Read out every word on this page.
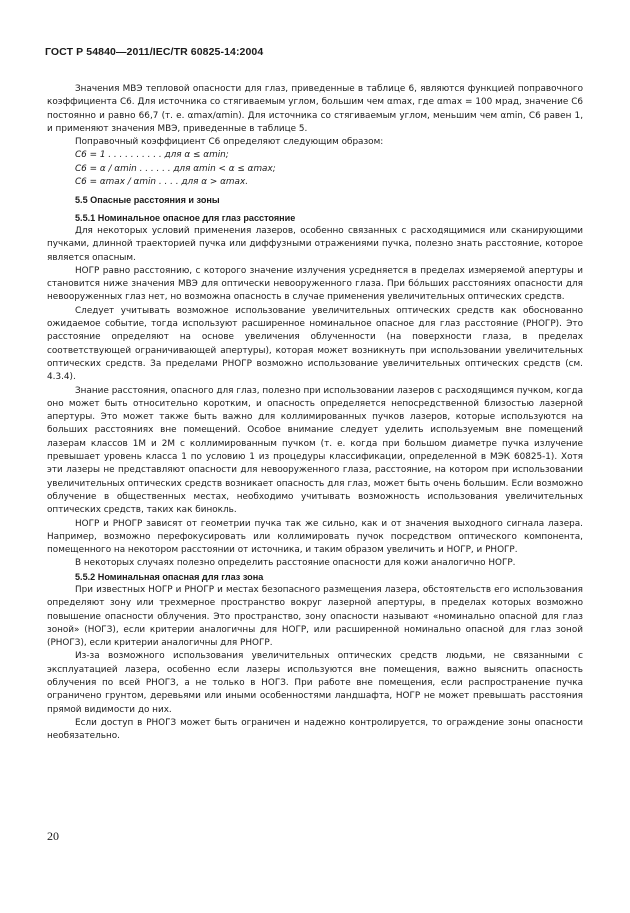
ГОСТ Р 54840—2011/IEC/TR 60825-14:2004

Значения МВЭ тепловой опасности для глаз, приведенные в таблице 6, являются функцией поправочного коэффициента C6. Для источника со стягиваемым углом, большим чем αmax, где αmax = 100 мрад, значение C6 постоянно и равно 66,7 (т. е. αmax/αmin). Для источника со стягиваемым углом, меньшим чем αmin, C6 равен 1, и применяют значения МВЭ, приведенные в таблице 5.

Поправочный коэффициент C6 определяют следующим образом:

C6 = 1 . . . . . . . . . . для α ≤ αmin;

C6 = α / αmin . . . . . . для αmin < α ≤ αmax;

C6 = αmax / αmin . . . . для α > αmax.

5.5 Опасные расстояния и зоны

5.5.1 Номинальное опасное для глаз расстояние

Для некоторых условий применения лазеров, особенно связанных с расходящимися или сканирующими пучками, длинной траекторией пучка или диффузными отражениями пучка, полезно знать расстояние, которое является опасным.

НОГР равно расстоянию, с которого значение излучения усредняется в пределах измеряемой апертуры и становится ниже значения МВЭ для оптически невооруженного глаза. При бóльших расстояниях опасности для невооруженных глаз нет, но возможна опасность в случае применения увеличительных оптических средств.

Следует учитывать возможное использование увеличительных оптических средств как обоснованно ожидаемое событие, тогда используют расширенное номинальное опасное для глаз расстояние (РНОГР). Это расстояние определяют на основе увеличения облученности (на поверхности глаза, в пределах соответствующей ограничивающей апертуры), которая может возникнуть при использовании увеличительных оптических средств. За пределами РНОГР возможно использование увеличительных оптических средств (см. 4.3.4).

Знание расстояния, опасного для глаз, полезно при использовании лазеров с расходящимся пучком, когда оно может быть относительно коротким, и опасность определяется непосредственной близостью лазерной апертуры. Это может также быть важно для коллимированных пучков лазеров, которые используются на больших расстояниях вне помещений. Особое внимание следует уделить используемым вне помещений лазерам классов 1М и 2М с коллимированным пучком (т. е. когда при большом диаметре пучка излучение превышает уровень класса 1 по условию 1 из процедуры классификации, определенной в МЭК 60825-1). Хотя эти лазеры не представляют опасности для невооруженного глаза, расстояние, на котором при использовании увеличительных оптических средств возникает опасность для глаз, может быть очень большим. Если возможно облучение в общественных местах, необходимо учитывать возможность использования увеличительных оптических средств, таких как бинокль.

НОГР и РНОГР зависят от геометрии пучка так же сильно, как и от значения выходного сигнала лазера. Например, возможно перефокусировать или коллимировать пучок посредством оптического компонента, помещенного на некотором расстоянии от источника, и таким образом увеличить и НОГР, и РНОГР.

В некоторых случаях полезно определить расстояние опасности для кожи аналогично НОГР.

5.5.2 Номинальная опасная для глаз зона

При известных НОГР и РНОГР и местах безопасного размещения лазера, обстоятельств его использования определяют зону или трехмерное пространство вокруг лазерной апертуры, в пределах которых возможно повышение опасности облучения. Это пространство, зону опасности называют «номинально опасной для глаз зоной» (НОГЗ), если критерии аналогичны для НОГР, или расширенной номинально опасной для глаз зоной (РНОГЗ), если критерии аналогичны для РНОГР.

Из-за возможного использования увеличительных оптических средств людьми, не связанными с эксплуатацией лазера, особенно если лазеры используются вне помещения, важно выяснить опасность облучения по всей РНОГЗ, а не только в НОГЗ. При работе вне помещения, если распространение пучка ограничено грунтом, деревьями или иными особенностями ландшафта, НОГР не может превышать расстояния прямой видимости до них.

Если доступ в РНОГЗ может быть ограничен и надежно контролируется, то ограждение зоны опасности необязательно.

20
